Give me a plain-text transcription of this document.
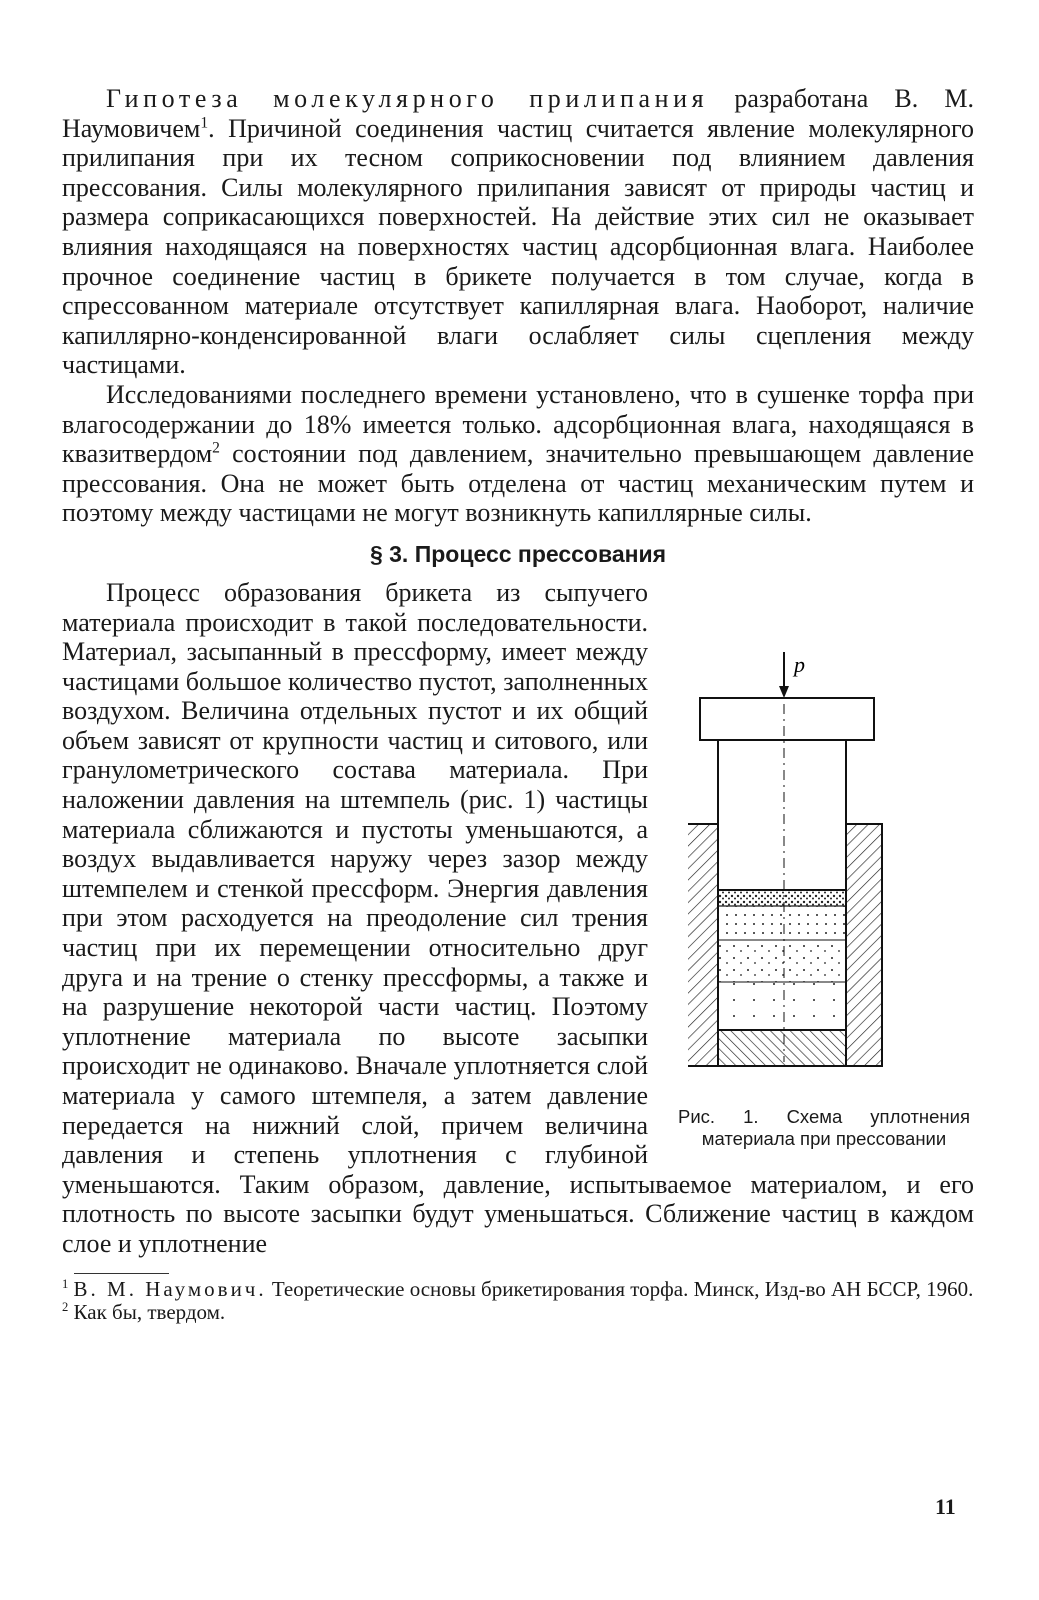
Гипотеза молекулярного прилипания разработана В. М. Наумовичем$^1$. Причиной соединения частиц считается явление молекулярного прилипания при их тесном соприкосновении под влиянием давления прессования. Силы молекулярного прилипания зависят от природы частиц и размера соприкасающихся поверхностей. На действие этих сил не оказывает влияния находящаяся на поверхностях частиц адсорбционная влага. Наиболее прочное соединение частиц в брикете получается в том случае, когда в спрессованном материале отсутствует капиллярная влага. Наоборот, наличие капиллярно-конденсированной влаги ослабляет силы сцепления между частицами.

Исследованиями последнего времени установлено, что в сушенке торфа при влагосодержании до 18% имеется только. адсорбционная влага, находящаяся в квазитвердом$^2$ состоянии под давлением, значительно превышающем давление прессования. Она не может быть отделена от частиц механическим путем и поэтому между частицами не могут возникнуть капиллярные силы.

§ 3. Процесс прессования
p
Рис. 1. Схема уплотнения материала при прессовании

Процесс образования брикета из сыпучего материала происходит в такой последовательности. Материал, засыпанный в прессформу, имеет между частицами большое количество пустот, заполненных воздухом. Величина отдельных пустот и их общий объем зависят от крупности частиц и ситового, или гранулометрического состава материала. При наложении давления на штемпель (рис. 1) частицы материала сближаются и пустоты уменьшаются, а воздух выдавливается наружу через зазор между штемпелем и стенкой прессформ. Энергия давления при этом расходуется на преодоление сил трения частиц при их перемещении относительно друг друга и на трение о стенку прессформы, а также и на разрушение некоторой части частиц. Поэтому уплотнение материала по высоте засыпки происходит не одинаково. Вначале уплотняется слой материала у самого штемпеля, а затем давление передается на нижний слой, причем величина давления и степень уплотнения с глубиной уменьшаются. Таким образом, давление, испытываемое материалом, и его плотность по высоте засыпки будут уменьшаться. Сближение частиц в каждом слое и уплотнение

$^1$ В. М. Наумович. Теоретические основы брикетирования торфа. Минск, Изд-во АН БССР, 1960.

$^2$ Как бы, твердом.

11
